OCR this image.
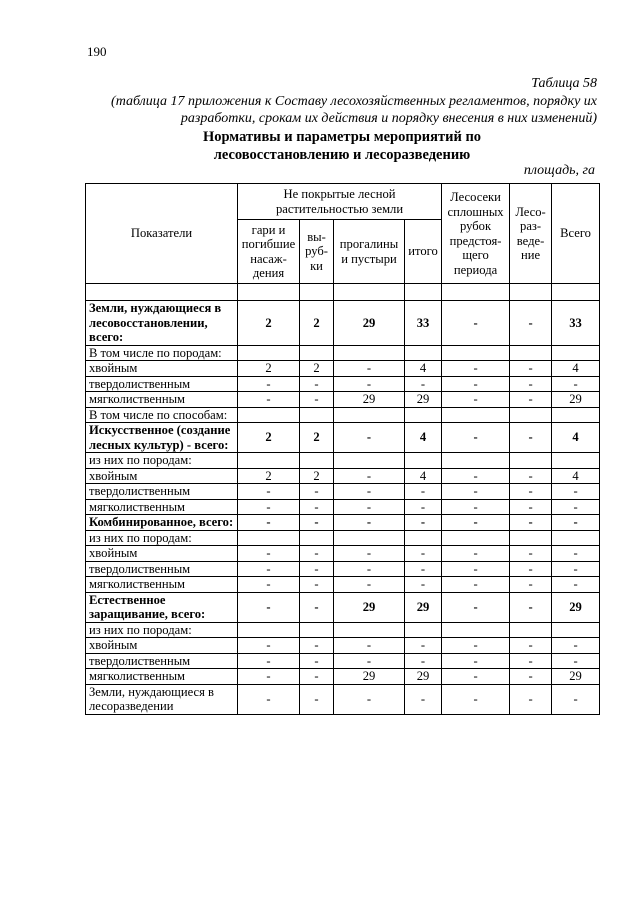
190
Таблица 58
(таблица 17 приложения к Составу лесохозяйственных регламентов, порядку их разработки, срокам их действия и порядку внесения в них изменений)
Нормативы и параметры мероприятий по
лесовосстановлению и лесоразведению
площадь, га
Показатели	Не покрытые лесной растительностью земли				Лесосеки сплошных рубок предстоя-щего периода	Лесо-раз-веде-ние	Всего
	гари и погибшие насаж-дения	вы-руб-ки	прогалины и пустыри	итого			

Земли, нуждающиеся в лесовосстановлении, всего:	2	2	29	33	-	-	33
В том числе по породам:							
хвойным	2	2	-	4	-	-	4
твердолиственным	-	-	-	-	-	-	-
мягколиственным	-	-	29	29	-	-	29
В том числе по способам:							
Искусственное (создание лесных культур) - всего:	2	2	-	4	-	-	4
из них по породам:							
хвойным	2	2	-	4	-	-	4
твердолиственным	-	-	-	-	-	-	-
мягколиственным	-	-	-	-	-	-	-
Комбинированное, всего:	-	-	-	-	-	-	-
из них по породам:							
хвойным	-	-	-	-	-	-	-
твердолиственным	-	-	-	-	-	-	-
мягколиственным	-	-	-	-	-	-	-
Естественное заращивание, всего:	-	-	29	29	-	-	29
из них по породам:							
хвойным	-	-	-	-	-	-	-
твердолиственным	-	-	-	-	-	-	-
мягколиственным	-	-	29	29	-	-	29
Земли, нуждающиеся в лесоразведении	-	-	-	-	-	-	-
